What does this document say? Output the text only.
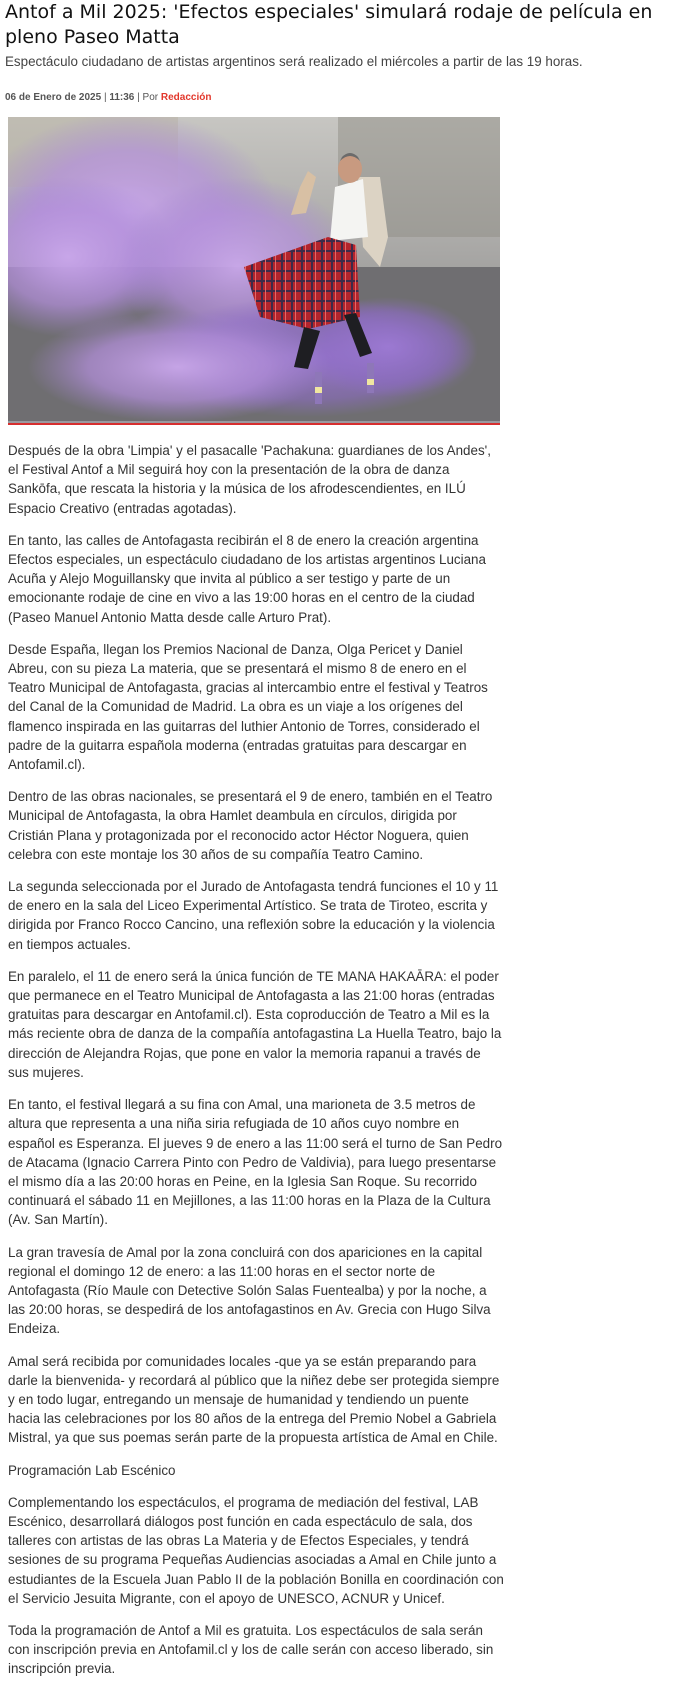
Antof a Mil 2025: 'Efectos especiales' simulará rodaje de película en pleno Paseo Matta

Espectáculo ciudadano de artistas argentinos será realizado el miércoles a partir de las 19 horas.

06 de Enero de 2025 | 11:36 | Por Redacción

Después de la obra 'Limpia' y el pasacalle 'Pachakuna: guardianes de los Andes', el Festival Antof a Mil seguirá hoy con la presentación de la obra de danza Sankōfa, que rescata la historia y la música de los afrodescendientes, en ILÚ Espacio Creativo (entradas agotadas).

En tanto, las calles de Antofagasta recibirán el 8 de enero la creación argentina Efectos especiales, un espectáculo ciudadano de los artistas argentinos Luciana Acuña y Alejo Moguillansky que invita al público a ser testigo y parte de un emocionante rodaje de cine en vivo a las 19:00 horas en el centro de la ciudad (Paseo Manuel Antonio Matta desde calle Arturo Prat).

Desde España, llegan los Premios Nacional de Danza, Olga Pericet y Daniel Abreu, con su pieza La materia, que se presentará el mismo 8 de enero en el Teatro Municipal de Antofagasta, gracias al intercambio entre el festival y Teatros del Canal de la Comunidad de Madrid. La obra es un viaje a los orígenes del flamenco inspirada en las guitarras del luthier Antonio de Torres, considerado el padre de la guitarra española moderna (entradas gratuitas para descargar en Antofamil.cl).

Dentro de las obras nacionales, se presentará el 9 de enero, también en el Teatro Municipal de Antofagasta, la obra Hamlet deambula en círculos, dirigida por Cristián Plana y protagonizada por el reconocido actor Héctor Noguera, quien celebra con este montaje los 30 años de su compañía Teatro Camino.

La segunda seleccionada por el Jurado de Antofagasta tendrá funciones el 10 y 11 de enero en la sala del Liceo Experimental Artístico. Se trata de Tiroteo, escrita y dirigida por Franco Rocco Cancino, una reflexión sobre la educación y la violencia en tiempos actuales.

En paralelo, el 11 de enero será la única función de TE MANA HAKAĀRA: el poder que permanece en el Teatro Municipal de Antofagasta a las 21:00 horas (entradas gratuitas para descargar en Antofamil.cl). Esta coproducción de Teatro a Mil es la más reciente obra de danza de la compañía antofagastina La Huella Teatro, bajo la dirección de Alejandra Rojas, que pone en valor la memoria rapanui a través de sus mujeres.

En tanto, el festival llegará a su fina con Amal, una marioneta de 3.5 metros de altura que representa a una niña siria refugiada de 10 años cuyo nombre en español es Esperanza. El jueves 9 de enero a las 11:00 será el turno de San Pedro de Atacama (Ignacio Carrera Pinto con Pedro de Valdivia), para luego presentarse el mismo día a las 20:00 horas en Peine, en la Iglesia San Roque. Su recorrido continuará el sábado 11 en Mejillones, a las 11:00 horas en la Plaza de la Cultura (Av. San Martín).

La gran travesía de Amal por la zona concluirá con dos apariciones en la capital regional el domingo 12 de enero: a las 11:00 horas en el sector norte de Antofagasta (Río Maule con Detective Solón Salas Fuentealba) y por la noche, a las 20:00 horas, se despedirá de los antofagastinos en Av. Grecia con Hugo Silva Endeiza.

Amal será recibida por comunidades locales -que ya se están preparando para darle la bienvenida- y recordará al público que la niñez debe ser protegida siempre y en todo lugar, entregando un mensaje de humanidad y tendiendo un puente hacia las celebraciones por los 80 años de la entrega del Premio Nobel a Gabriela Mistral, ya que sus poemas serán parte de la propuesta artística de Amal en Chile.

Programación Lab Escénico

Complementando los espectáculos, el programa de mediación del festival, LAB Escénico, desarrollará diálogos post función en cada espectáculo de sala, dos talleres con artistas de las obras La Materia y de Efectos Especiales, y tendrá sesiones de su programa Pequeñas Audiencias asociadas a Amal en Chile junto a estudiantes de la Escuela Juan Pablo II de la población Bonilla en coordinación con el Servicio Jesuita Migrante, con el apoyo de UNESCO, ACNUR y Unicef.

Toda la programación de Antof a Mil es gratuita. Los espectáculos de sala serán con inscripción previa en Antofamil.cl y los de calle serán con acceso liberado, sin inscripción previa.
